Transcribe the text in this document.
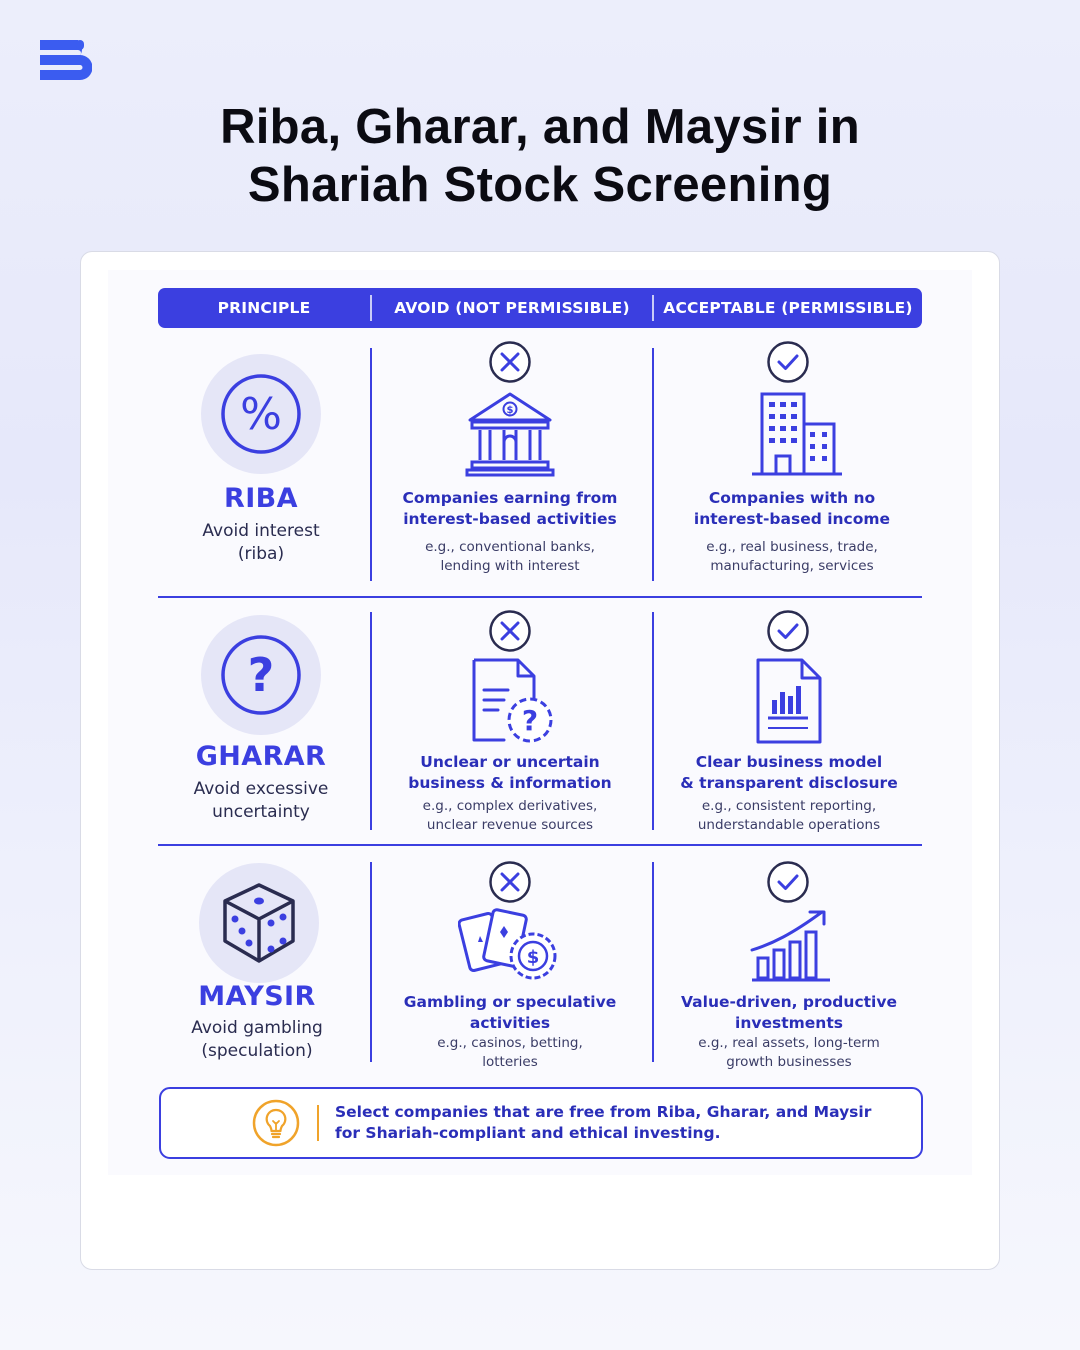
Riba, Gharar, and Maysir in
Shariah Stock Screening
PRINCIPLE	AVOID (NOT PERMISSIBLE)	ACCEPTABLE (PERMISSIBLE)
%
RIBA
Avoid interest
(riba)
$
Companies earning from
interest-based activities
e.g., conventional banks,
lending with interest
Companies with no
interest-based income
e.g., real business, trade,
manufacturing, services
?
GHARAR
Avoid excessive
uncertainty
?
Unclear or uncertain
business & information
e.g., complex derivatives,
unclear revenue sources
Clear business model
& transparent disclosure
e.g., consistent reporting,
understandable operations
MAYSIR
Avoid gambling
(speculation)
$
Gambling or speculative
activities
e.g., casinos, betting,
lotteries
Value-driven, productive
investments
e.g., real assets, long-term
growth businesses
Select companies that are free from Riba, Gharar, and Maysir
for Shariah-compliant and ethical investing.
